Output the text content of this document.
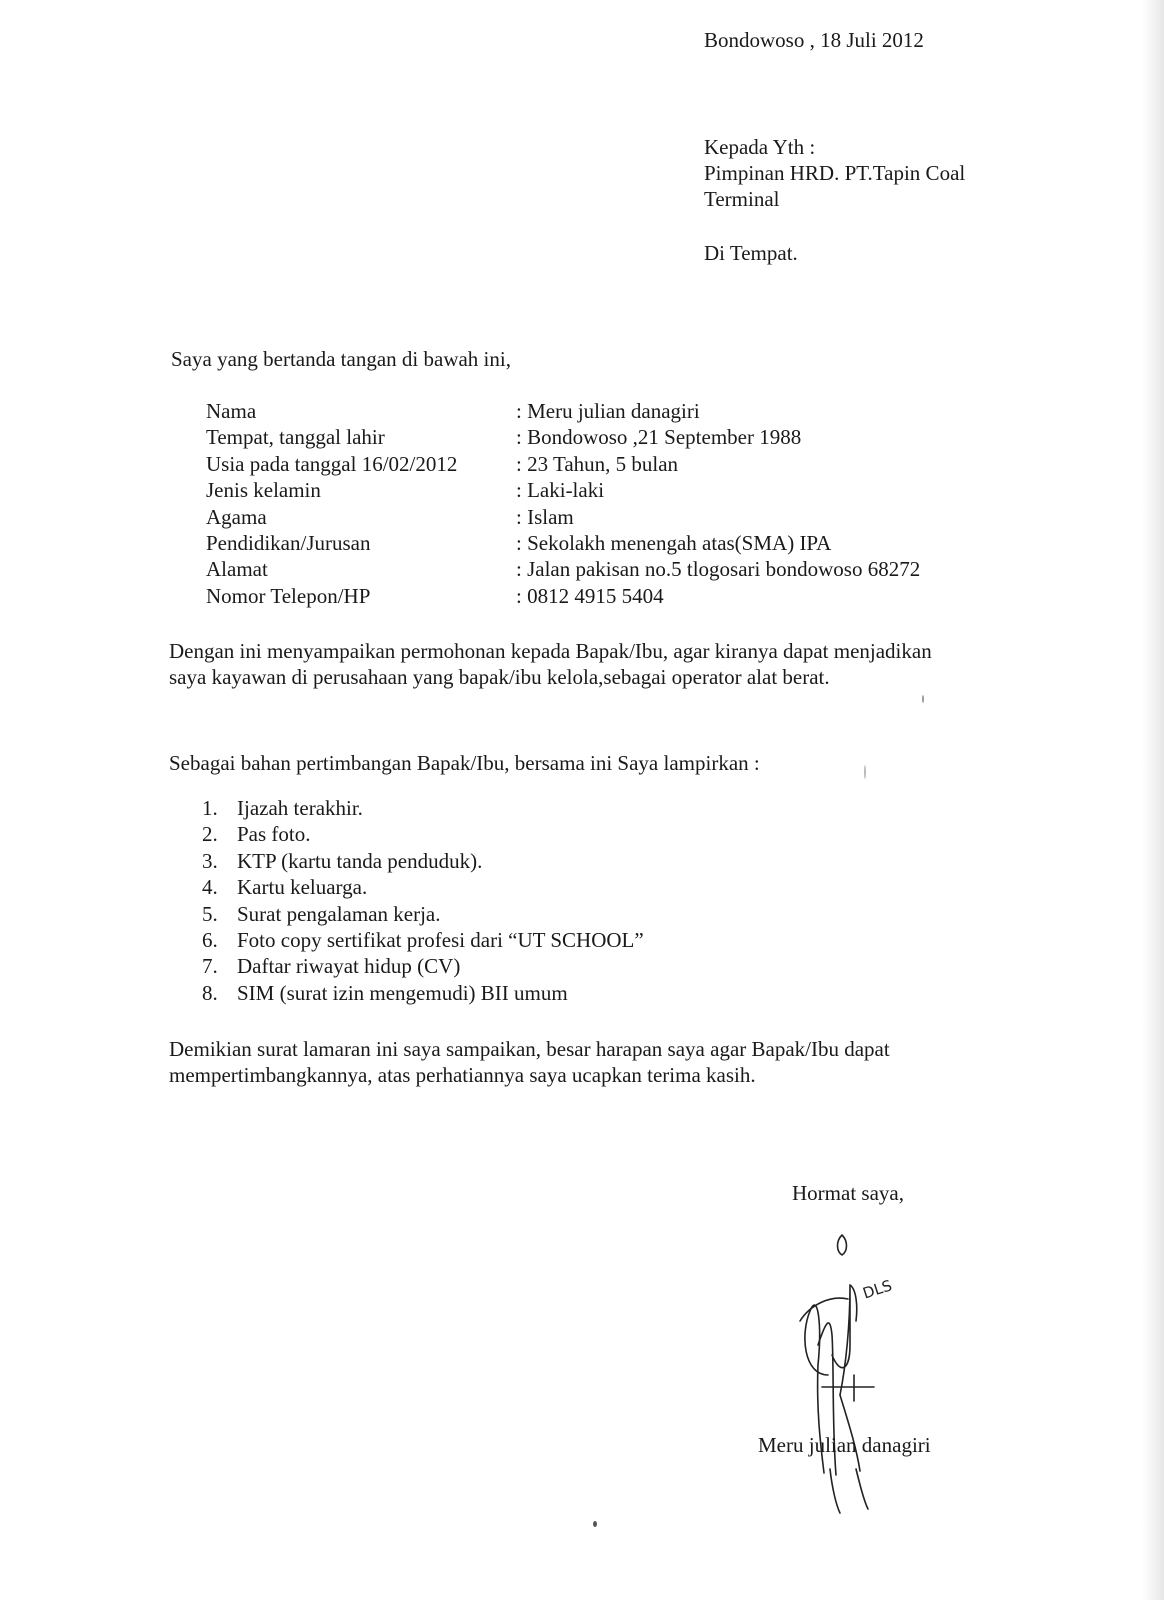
Bondowoso , 18 Juli 2012
Kepada Yth :
Pimpinan HRD. PT.Tapin Coal
Terminal
Di Tempat.
Saya yang bertanda tangan di bawah ini,
Nama	: Meru julian danagiri
Tempat, tanggal lahir	: Bondowoso ,21 September 1988
Usia pada tanggal 16/02/2012	: 23 Tahun, 5 bulan
Jenis kelamin	: Laki-laki
Agama	: Islam
Pendidikan/Jurusan	: Sekolakh menengah atas(SMA) IPA
Alamat	: Jalan pakisan no.5 tlogosari bondowoso 68272
Nomor Telepon/HP	: 0812 4915 5404
Dengan ini menyampaikan permohonan kepada Bapak/Ibu, agar kiranya dapat menjadikan saya kayawan di perusahaan yang bapak/ibu kelola,sebagai operator alat berat.
Sebagai bahan pertimbangan Bapak/Ibu, bersama ini Saya lampirkan :
1. Ijazah terakhir.
2. Pas foto.
3. KTP (kartu tanda penduduk).
4. Kartu keluarga.
5. Surat pengalaman kerja.
6. Foto copy sertifikat profesi dari “UT SCHOOL”
7. Daftar riwayat hidup (CV)
8. SIM (surat izin mengemudi) BII umum
Demikian surat lamaran ini saya sampaikan, besar harapan saya agar Bapak/Ibu dapat mempertimbangkannya, atas perhatiannya saya ucapkan terima kasih.
Hormat saya,
DLS
Meru julian danagiri
